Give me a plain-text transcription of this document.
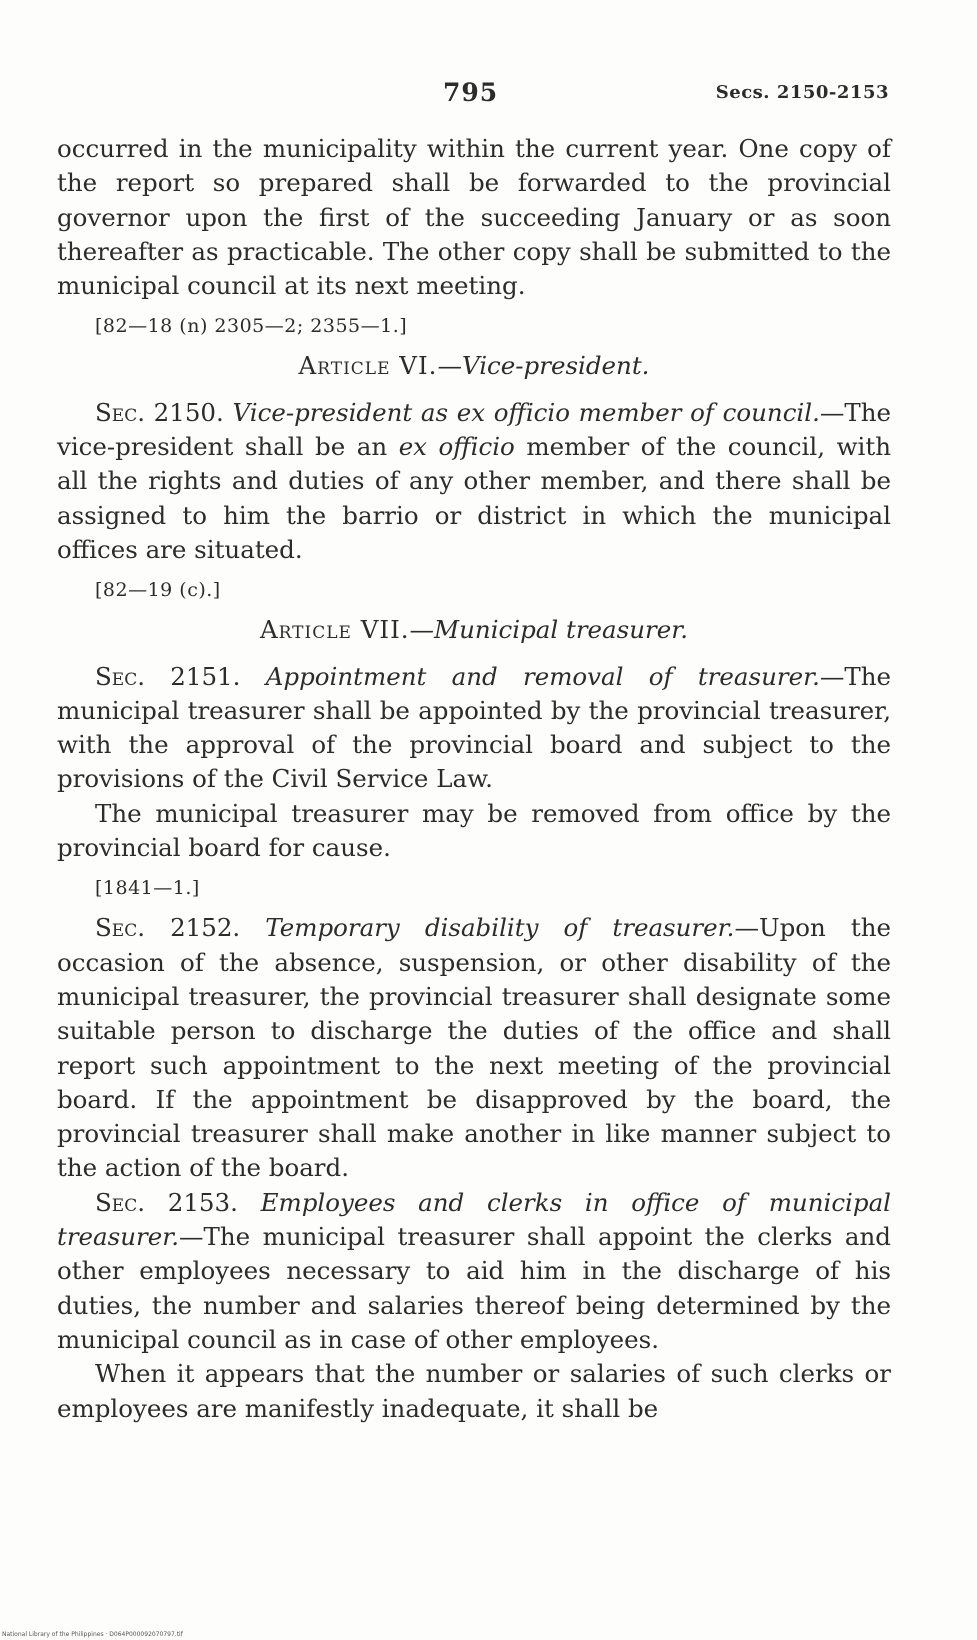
795	Secs. 2150-2153

occurred in the municipality within the current year. One copy of the report so prepared shall be forwarded to the provincial governor upon the first of the succeeding January or as soon thereafter as practicable. The other copy shall be submitted to the municipal council at its next meeting.

[82—18 (n) 2305—2; 2355—1.]

Article VI.—Vice-president.

Sec. 2150. Vice-president as ex officio member of council.—The vice-president shall be an ex officio member of the council, with all the rights and duties of any other member, and there shall be assigned to him the barrio or district in which the municipal offices are situated.

[82—19 (c).]

Article VII.—Municipal treasurer.

Sec. 2151. Appointment and removal of treasurer.—The municipal treasurer shall be appointed by the provincial treasurer, with the approval of the provincial board and subject to the provisions of the Civil Service Law.

The municipal treasurer may be removed from office by the provincial board for cause.

[1841—1.]

Sec. 2152. Temporary disability of treasurer.—Upon the occasion of the absence, suspension, or other disability of the municipal treasurer, the provincial treasurer shall designate some suitable person to discharge the duties of the office and shall report such appointment to the next meeting of the provincial board. If the appointment be disapproved by the board, the provincial treasurer shall make another in like manner subject to the action of the board.

Sec. 2153. Employees and clerks in office of municipal treasurer.—The municipal treasurer shall appoint the clerks and other employees necessary to aid him in the discharge of his duties, the number and salaries thereof being determined by the municipal council as in case of other employees.

When it appears that the number or salaries of such clerks or employees are manifestly inadequate, it shall be

National Library of the Philippines · D064P000092070797.tif
